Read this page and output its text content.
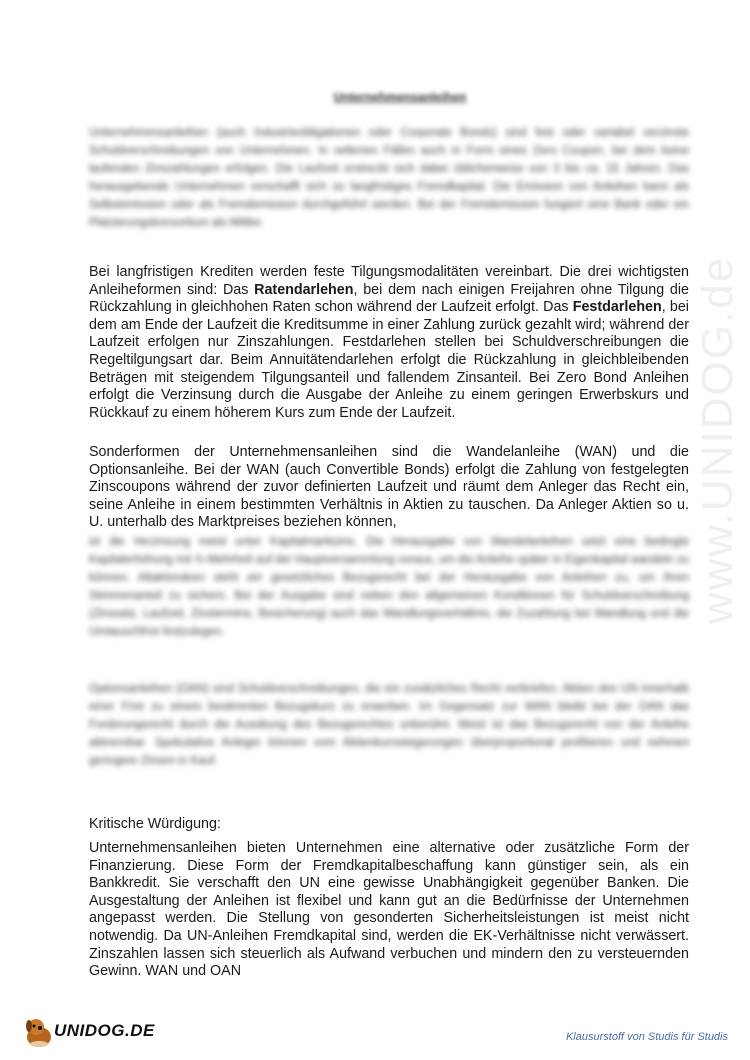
www.UNIDOG.de
Unternehmensanleihen

Unternehmensanleihen (auch Industrieobligationen oder Corporate Bonds) sind fest oder variabel verzinste Schuldverschreibungen von Unternehmen. In seltenen Fällen auch in Form eines Zero Coupon, bei dem keine laufenden Zinszahlungen erfolgen. Die Laufzeit erstreckt sich dabei üblicherweise von 3 bis ca. 15 Jahren. Das herausgebende Unternehmen verschafft sich so langfristiges Fremdkapital. Die Emission von Anleihen kann als Selbstemission oder als Fremdemission durchgeführt werden. Bei der Fremdemission fungiert eine Bank oder ein Platzierungskonsortium als Mittler.

Bei langfristigen Krediten werden feste Tilgungsmodalitäten vereinbart. Die drei wichtigsten Anleiheformen sind: Das Ratendarlehen, bei dem nach einigen Freijahren ohne Tilgung die Rückzahlung in gleichhohen Raten schon während der Laufzeit erfolgt. Das Festdarlehen, bei dem am Ende der Laufzeit die Kreditsumme in einer Zahlung zurück gezahlt wird; während der Laufzeit erfolgen nur Zinszahlungen. Festdarlehen stellen bei Schuldverschreibungen die Regeltilgungsart dar. Beim Annuitätendarlehen erfolgt die Rückzahlung in gleichbleibenden Beträgen mit steigendem Tilgungsanteil und fallendem Zinsanteil. Bei Zero Bond Anleihen erfolgt die Verzinsung durch die Ausgabe der Anleihe zu einem geringen Erwerbskurs und Rückkauf zu einem höherem Kurs zum Ende der Laufzeit.

Sonderformen der Unternehmensanleihen sind die Wandelanleihe (WAN) und die Optionsanleihe. Bei der WAN (auch Convertible Bonds) erfolgt die Zahlung von festgelegten Zinscoupons während der zuvor definierten Laufzeit und räumt dem Anleger das Recht ein, seine Anleihe in einem bestimmten Verhältnis in Aktien zu tauschen. Da Anleger Aktien so u. U. unterhalb des Marktpreises beziehen können,

ist die Verzinsung meist unter Kapitalmarktzins. Die Herausgabe von Wandelanleihen setzt eine bedingte Kapitalerhöhung mit ¾-Mehrheit auf der Hauptversammlung voraus, um die Anleihe später in Eigenkapital wandeln zu können. Altaktionären steht ein gesetzliches Bezugsrecht bei der Herausgabe von Anleihen zu, um ihren Stimmenanteil zu sichern. Bei der Ausgabe sind neben den allgemeinen Konditionen für Schuldverschreibung (Zinssatz, Laufzeit, Zinstermine, Besicherung) auch das Wandlungsverhältnis, die Zuzahlung bei Wandlung und die Umtauschfrist festzulegen.

Optionsanleihen (OAN) sind Schuldverschreibungen, die ein zusätzliches Recht verbriefen, Aktien des UN innerhalb einer Frist zu einem bestimmten Bezugskurs zu erwerben. Im Gegensatz zur WAN bleibt bei der OAN das Forderungsrecht durch die Ausübung des Bezugsrechtes unberührt. Meist ist das Bezugsrecht von der Anleihe abtrennbar. Spekulative Anleger können vom Aktienkurssteigerungen überproportional profitieren und nehmen geringere Zinsen in Kauf.

Kritische Würdigung:

Unternehmensanleihen bieten Unternehmen eine alternative oder zusätzliche Form der Finanzierung. Diese Form der Fremdkapitalbeschaffung kann günstiger sein, als ein Bankkredit. Sie verschafft den UN eine gewisse Unabhängigkeit gegenüber Banken. Die Ausgestaltung der Anleihen ist flexibel und kann gut an die Bedürfnisse der Unternehmen angepasst werden. Die Stellung von gesonderten Sicherheitsleistungen ist meist nicht notwendig. Da UN-Anleihen Fremdkapital sind, werden die EK-Verhältnisse nicht verwässert. Zinszahlen lassen sich steuerlich als Aufwand verbuchen und mindern den zu versteuernden Gewinn. WAN und OAN

UNIDOG.DE	Klausurstoff von Studis für Studis
